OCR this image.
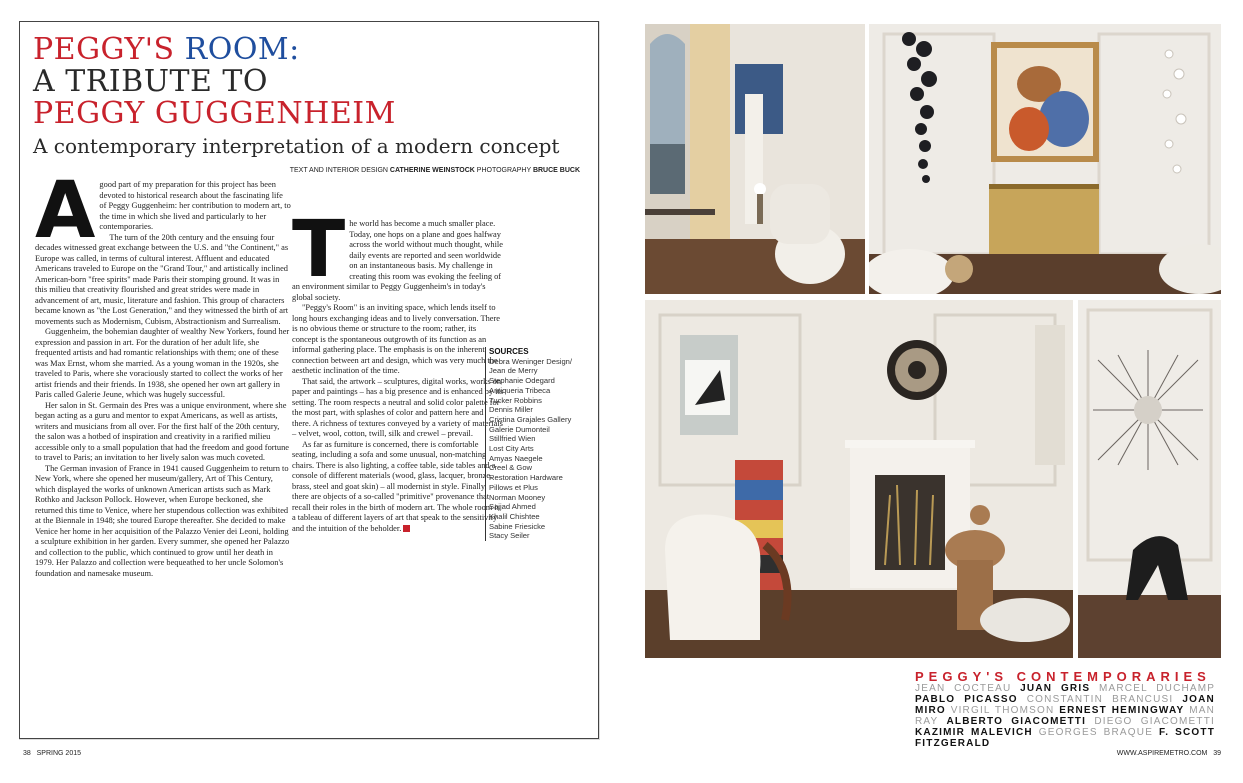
PEGGY'S ROOM:
A TRIBUTE TO
PEGGY GUGGENHEIM
A contemporary interpretation of a modern concept
TEXT AND INTERIOR DESIGN CATHERINE WEINSTOCK PHOTOGRAPHY BRUCE BUCK

Agood part of my preparation for this project has been devoted to historical research about the fascinating life of Peggy Guggenheim: her contribution to modern art, to the time in which she lived and particularly to her contemporaries.

The turn of the 20th century and the ensuing four decades witnessed great exchange between the U.S. and "the Continent," as Europe was called, in terms of cultural interest. Affluent and educated Americans traveled to Europe on the "Grand Tour," and artistically inclined American-born "free spirits" made Paris their stomping ground. It was in this milieu that creativity flourished and great strides were made in advancement of art, music, literature and fashion. This group of characters became known as "the Lost Generation," and they witnessed the birth of art movements such as Modernism, Cubism, Abstractionism and Surrealism.

Guggenheim, the bohemian daughter of wealthy New Yorkers, found her expression and passion in art. For the duration of her adult life, she frequented artists and had romantic relationships with them; one of these was Max Ernst, whom she married. As a young woman in the 1920s, she traveled to Paris, where she voraciously started to collect the works of her artist friends and their friends. In 1938, she opened her own art gallery in Paris called Galerie Jeune, which was hugely successful.

Her salon in St. Germain des Pres was a unique environment, where she began acting as a guru and mentor to expat Americans, as well as artists, writers and musicians from all over. For the first half of the 20th century, the salon was a hotbed of inspiration and creativity in a rarified milieu accessible only to a small population that had the freedom and good fortune to travel to Paris; an invitation to her lively salon was much coveted.

The German invasion of France in 1941 caused Guggenheim to return to New York, where she opened her museum/gallery, Art of This Century, which displayed the works of unknown American artists such as Mark Rothko and Jackson Pollock. However, when Europe beckoned, she returned this time to Venice, where her stupendous collection was exhibited at the Biennale in 1948; she toured Europe thereafter. She decided to make Venice her home in her acquisition of the Palazzo Venier dei Leoni, holding a sculpture exhibition in her garden. Every summer, she opened her Palazzo and collection to the public, which continued to grow until her death in 1979. Her Palazzo and collection were bequeathed to her uncle Solomon's foundation and namesake museum.

The world has become a much smaller place. Today, one hops on a plane and goes halfway across the world without much thought, while daily events are reported and seen worldwide on an instantaneous basis. My challenge in creating this room was evoking the feeling of an environment similar to Peggy Guggenheim's in today's global society.

"Peggy's Room" is an inviting space, which lends itself to long hours exchanging ideas and to lively conversation. There is no obvious theme or structure to the room; rather, its concept is the spontaneous outgrowth of its function as an informal gathering place. The emphasis is on the inherent connection between art and design, which was very much the aesthetic inclination of the time.

That said, the artwork – sculptures, digital works, works on paper and paintings – has a big presence and is enhanced by its setting. The room respects a neutral and solid color palette for the most part, with splashes of color and pattern here and there. A richness of textures conveyed by a variety of materials – velvet, wool, cotton, twill, silk and crewel – prevail.

As far as furniture is concerned, there is comfortable seating, including a sofa and some unusual, non-matching chairs. There is also lighting, a coffee table, side tables and a console of different materials (wood, glass, lacquer, bronze, brass, steel and goat skin) – all modernist in style. Finally, there are objects of a so-called "primitive" provenance that recall their roles in the birth of modern art. The whole room is a tableau of different layers of art that speak to the sensitivity and the intuition of the beholder.

SOURCES
Debra Weninger Design/
Jean de Merry
Stephanie Odegard
Antiqueria Tribeca
Tucker Robbins
Dennis Miller
Cristina Grajales Gallery
Galerie Dumonteil
Stillfried Wien
Lost City Arts
Amyas Naegele
Creel & Gow
Restoration Hardware
Pillows et Plus
Norman Mooney
Sajjad Ahmed
Khalil Chishtee
Sabine Friesicke
Stacy Seiler
38 SPRING 2015	WWW.ASPIREMETRO.COM 39
PEGGY'S CONTEMPORARIES
JEAN COCTEAU JUAN GRIS MARCEL DUCHAMP PABLO PICASSO CONSTANTIN BRANCUSI JOAN MIRO VIRGIL THOMSON ERNEST HEMINGWAY MAN RAY ALBERTO GIACOMETTI DIEGO GIACOMETTI KAZIMIR MALEVICH GEORGES BRAQUE F. SCOTT FITZGERALD
